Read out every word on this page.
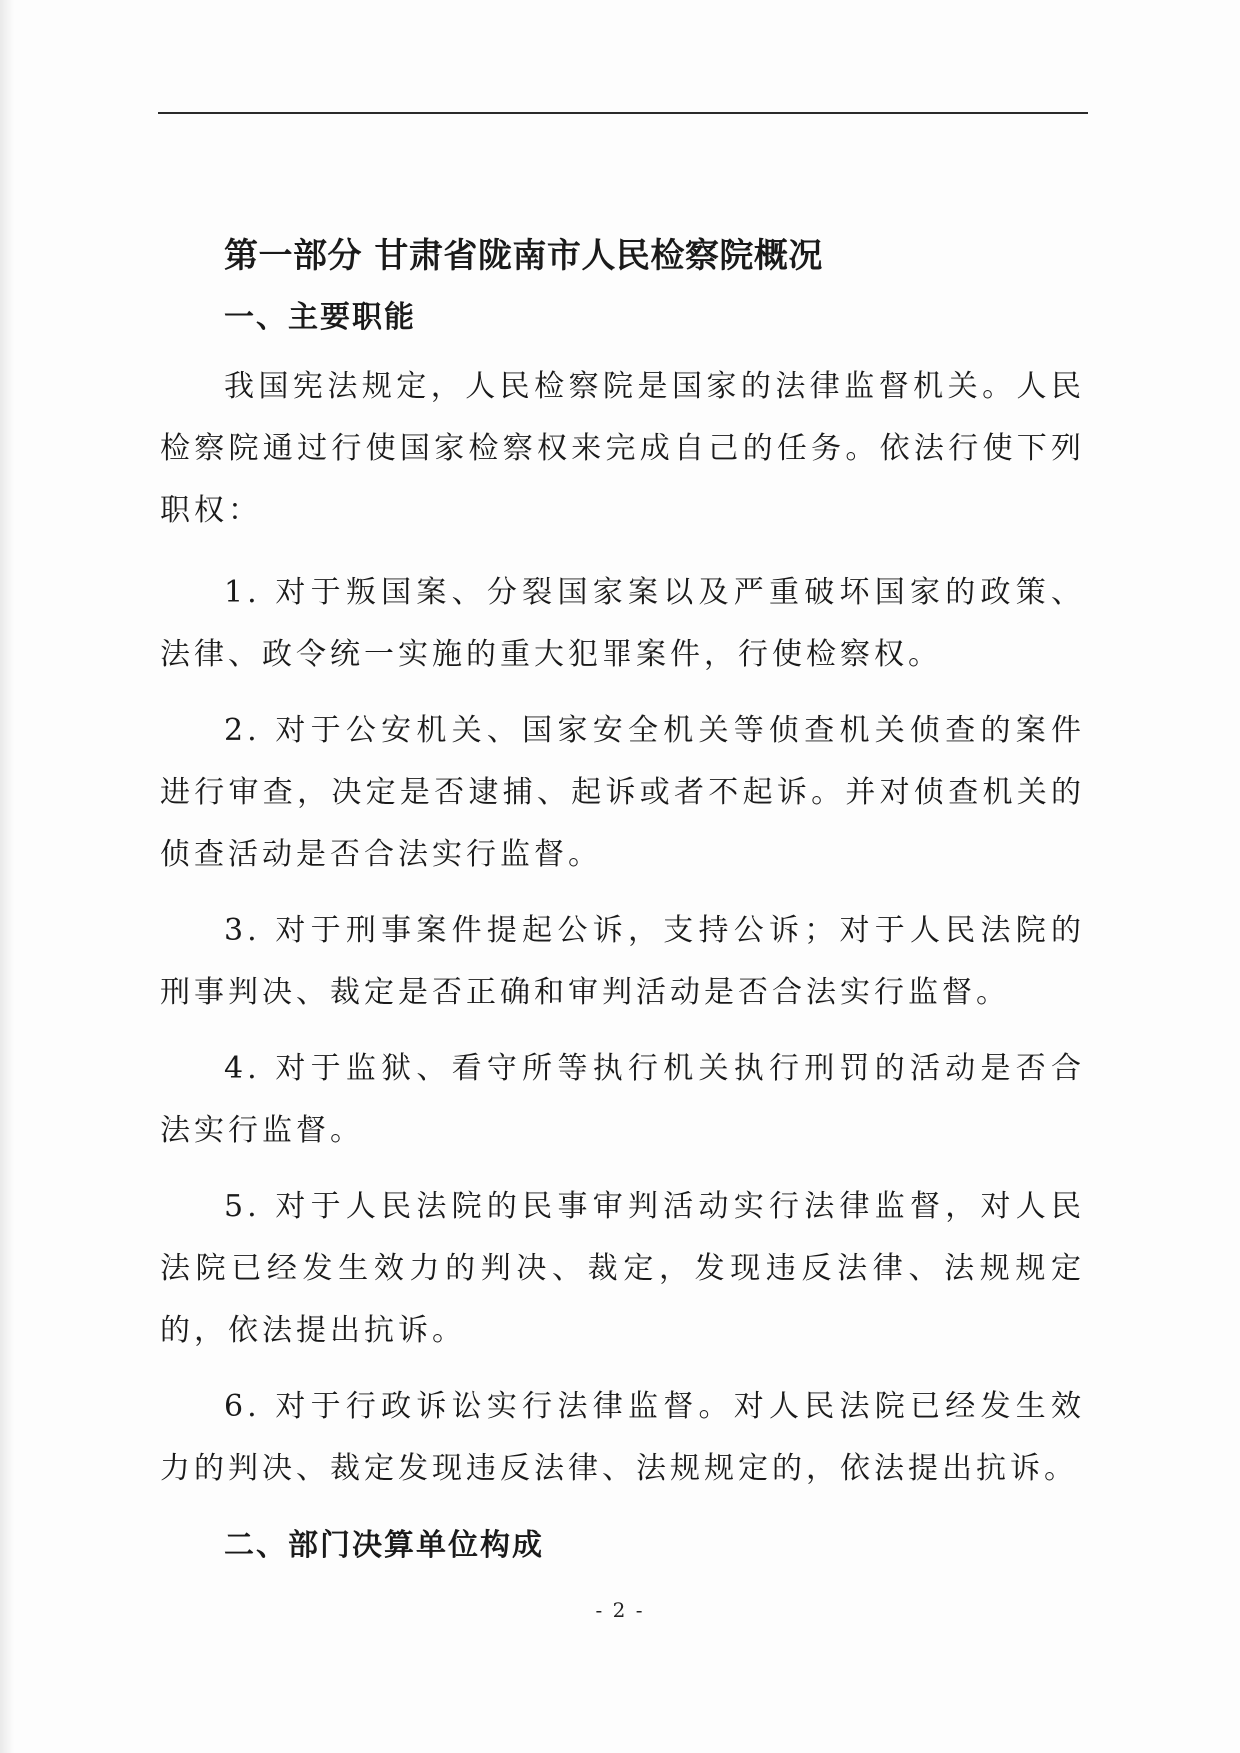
第一部分 甘肃省陇南市人民检察院概况
一、主要职能

我国宪法规定，人民检察院是国家的法律监督机关。人民检察院通过行使国家检察权来完成自己的任务。依法行使下列职权：

1. 对于叛国案、分裂国家案以及严重破坏国家的政策、法律、政令统一实施的重大犯罪案件，行使检察权。

2. 对于公安机关、国家安全机关等侦查机关侦查的案件进行审查，决定是否逮捕、起诉或者不起诉。并对侦查机关的侦查活动是否合法实行监督。

3. 对于刑事案件提起公诉，支持公诉；对于人民法院的刑事判决、裁定是否正确和审判活动是否合法实行监督。

4. 对于监狱、看守所等执行机关执行刑罚的活动是否合法实行监督。

5. 对于人民法院的民事审判活动实行法律监督，对人民法院已经发生效力的判决、裁定，发现违反法律、法规规定的，依法提出抗诉。

6. 对于行政诉讼实行法律监督。对人民法院已经发生效力的判决、裁定发现违反法律、法规规定的，依法提出抗诉。

二、部门决算单位构成
- 2 -
